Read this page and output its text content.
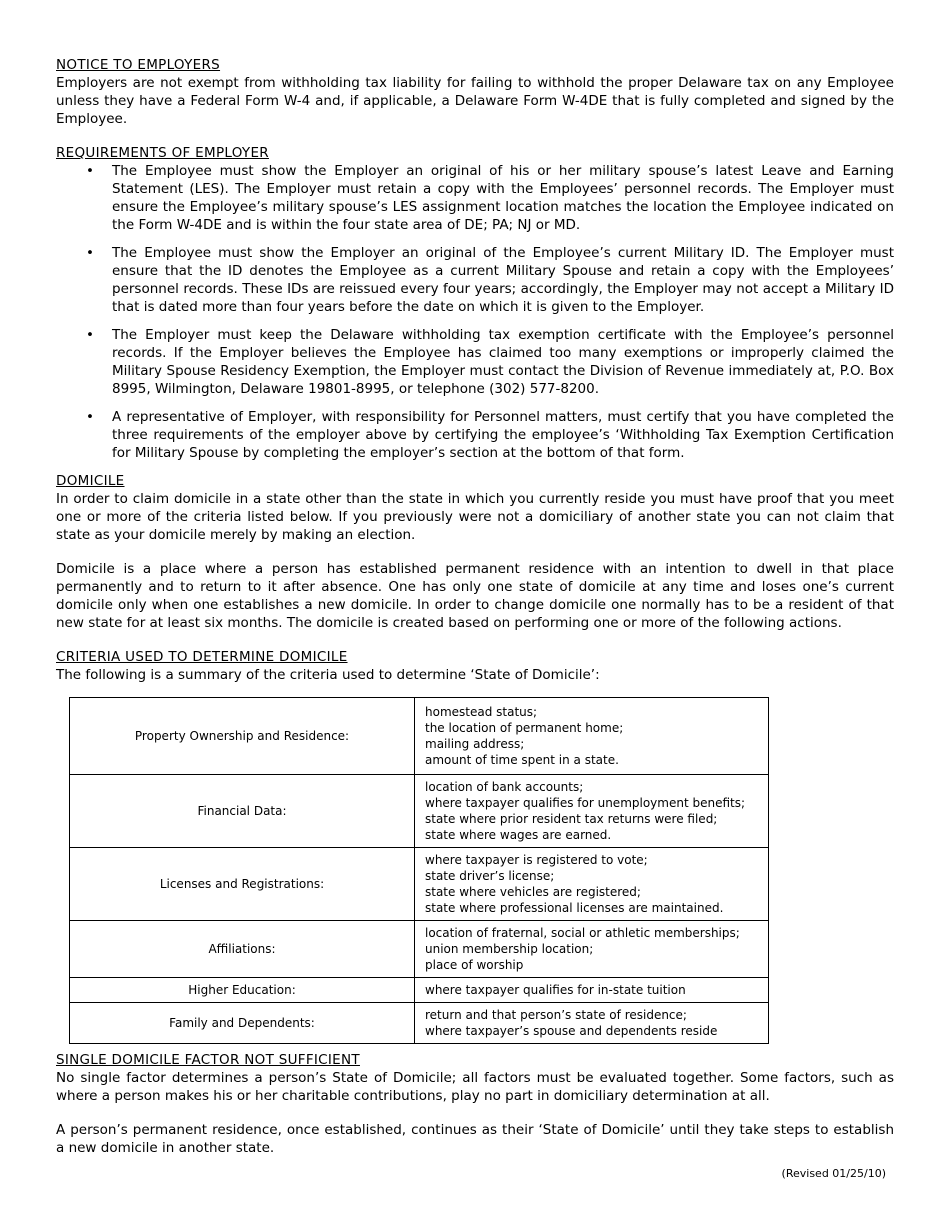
NOTICE TO EMPLOYERS

Employers are not exempt from withholding tax liability for failing to withhold the proper Delaware tax on any Employee unless they have a Federal Form W-4 and, if applicable, a Delaware Form W-4DE that is fully completed and signed by the Employee.

REQUIREMENTS OF EMPLOYER

• The Employee must show the Employer an original of his or her military spouse’s latest Leave and Earning Statement (LES). The Employer must retain a copy with the Employees’ personnel records. The Employer must ensure the Employee’s military spouse’s LES assignment location matches the location the Employee indicated on the Form W-4DE and is within the four state area of DE; PA; NJ or MD.
• The Employee must show the Employer an original of the Employee’s current Military ID. The Employer must ensure that the ID denotes the Employee as a current Military Spouse and retain a copy with the Employees’ personnel records. These IDs are reissued every four years; accordingly, the Employer may not accept a Military ID that is dated more than four years before the date on which it is given to the Employer.
• The Employer must keep the Delaware withholding tax exemption certificate with the Employee’s personnel records. If the Employer believes the Employee has claimed too many exemptions or improperly claimed the Military Spouse Residency Exemption, the Employer must contact the Division of Revenue immediately at, P.O. Box 8995, Wilmington, Delaware 19801-8995, or telephone (302) 577-8200.
• A representative of Employer, with responsibility for Personnel matters, must certify that you have completed the three requirements of the employer above by certifying the employee’s ‘Withholding Tax Exemption Certification for Military Spouse by completing the employer’s section at the bottom of that form.

DOMICILE

In order to claim domicile in a state other than the state in which you currently reside you must have proof that you meet one or more of the criteria listed below. If you previously were not a domiciliary of another state you can not claim that state as your domicile merely by making an election.

Domicile is a place where a person has established permanent residence with an intention to dwell in that place permanently and to return to it after absence. One has only one state of domicile at any time and loses one’s current domicile only when one establishes a new domicile. In order to change domicile one normally has to be a resident of that new state for at least six months. The domicile is created based on performing one or more of the following actions.

CRITERIA USED TO DETERMINE DOMICILE

The following is a summary of the criteria used to determine ‘State of Domicile’:

Property Ownership and Residence:	homestead status;
the location of permanent home;
mailing address;
amount of time spent in a state.

Financial Data:	location of bank accounts;
where taxpayer qualifies for unemployment benefits;
state where prior resident tax returns were filed;
state where wages are earned.

Licenses and Registrations:	where taxpayer is registered to vote;
state driver’s license;
state where vehicles are registered;
state where professional licenses are maintained.

Affiliations:	location of fraternal, social or athletic memberships;
union membership location;
place of worship

Higher Education:	where taxpayer qualifies for in-state tuition

Family and Dependents:	return and that person’s state of residence;
where taxpayer’s spouse and dependents reside

SINGLE DOMICILE FACTOR NOT SUFFICIENT

No single factor determines a person’s State of Domicile; all factors must be evaluated together. Some factors, such as where a person makes his or her charitable contributions, play no part in domiciliary determination at all.

A person’s permanent residence, once established, continues as their ‘State of Domicile’ until they take steps to establish a new domicile in another state.

(Revised 01/25/10)
